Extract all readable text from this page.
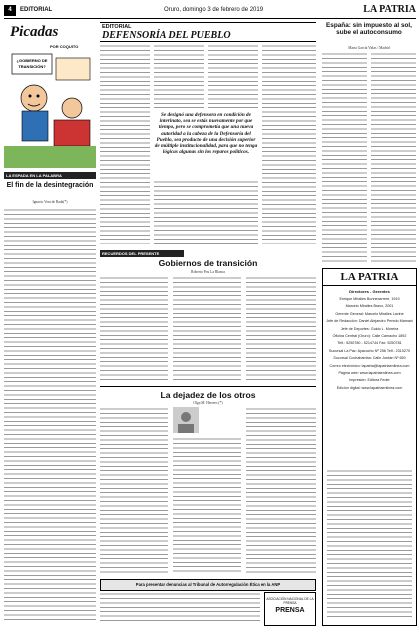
4	EDITORIAL	Oruro, domingo 3 de febrero de 2019	LA PATRIA
Picadas
POR COQUITO
¿GOBIERNO DE
TRANSICIÓN?
EDITORIAL
DEFENSORÍA DEL PUEBLO
Se designó una defensora en condición de interinato, sea se estás nuevamente por que tiempo, pero se comprometía que una nueva autoridad a la cabeza de la Defensoría del Pueblo, sea producto de una decisión superior de múltiple institucionalidad, para que no tenga lógicas algunas sin los reparos políticos.
España: sin impuesto al sol, sube el autoconsumo
Marta García Viñas / Madrid
LA ESPADA EN LA PALABRA
El fin de la desintegración
Ignacio Vera de Rada(*)
RECUERDOS DEL PRESENTE
Gobiernos de transición
Roberto Pou La Blanca
La dejadez de los otros
Olga M. Herrero (*)
Para presentar denuncias al Tribunal de Autorregulación Ética en la ANP
ASOCIACIÓN NACIONAL DE LA PRENSA
PRENSA
LA PATRIA
Directores - Gerentes
Enrique Miralles Bonnecarrere, 1919
Marcelo Miralles Bravo, 2001
Gerente General: Marcelo Miralles Lavine
Jefe de Redacción: Daniel Alejandro Peredo Mamani
Jefe de Deportes: Guido L. Moreira
Oficina Central (Oruro): Calle Camacho 1892
Telf.: 5250780 - 5214744 Fax: 5250781
Sucursal La Paz: Ayacucho Nº 256 Telf.: 2310270
Sucursal Cochabamba: Calle Jordán Nº 650
Correo electrónico: lapatria@lapatriaenlinea.com
Página web: www.lapatriaenlinea.com
Impresión: Editora Feder
Edición digital: www.lapatriaenlinea.com
